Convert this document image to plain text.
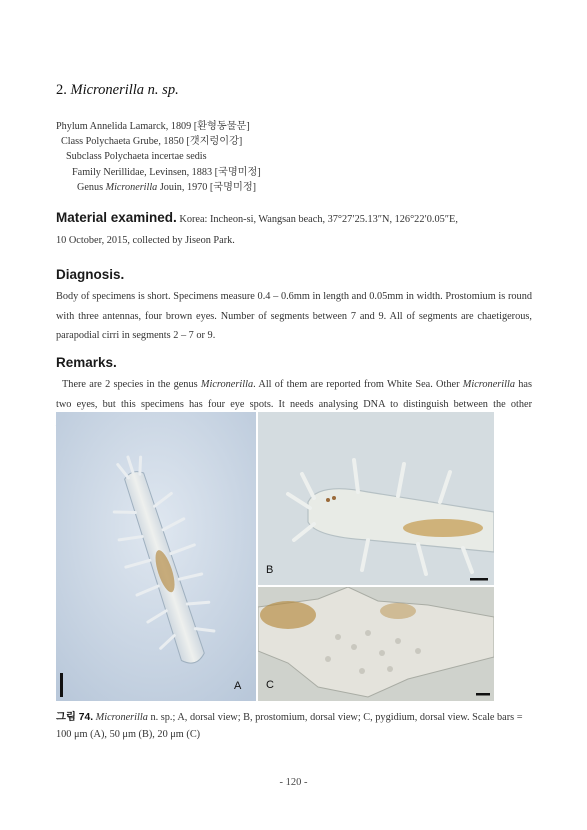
2. Micronerilla n. sp.
Phylum Annelida Lamarck, 1809 [환형동물문]
Class Polychaeta Grube, 1850 [갯지렁이강]
Subclass Polychaeta incertae sedis
Family Nerillidae, Levinsen, 1883 [국명미정]
Genus Micronerilla Jouin, 1970 [국명미정]
Material examined. Korea: Incheon-si, Wangsan beach, 37°27′25.13″N, 126°22′0.05″E,
10 October, 2015, collected by Jiseon Park.
Diagnosis.
Body of specimens is short. Specimens measure 0.4 – 0.6mm in length and 0.05mm in width. Prostomium is round with three antennas, four brown eyes. Number of segments between 7 and 9. All of segments are chaetigerous, parapodial cirri in segments 2 – 7 or 9.
Remarks.
There are 2 species in the genus Micronerilla. All of them are reported from White Sea. Other Micronerilla has two eyes, but this specimens has four eye spots. It needs analysing DNA to distinguish between the other
A
B
C
그림 74. Micronerilla n. sp.; A, dorsal view; B, prostomium, dorsal view; C, pygidium, dorsal view. Scale bars = 100 μm (A), 50 μm (B), 20 μm (C)
- 120 -
